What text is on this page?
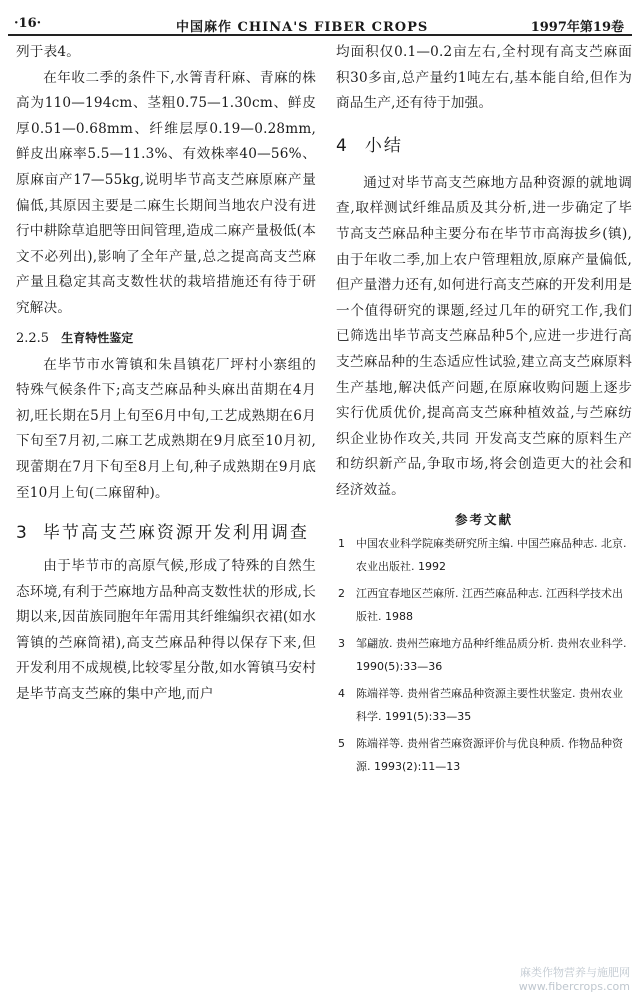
·16·	中国麻作 CHINA'S FIBER CROPS	1997年第19卷

列于表4。

在年收二季的条件下,水箐青秆麻、青麻的株高为110—194cm、茎粗0.75—1.30cm、鲜皮厚0.51—0.68mm、纤维层厚0.19—0.28mm,鲜皮出麻率5.5—11.3%、有效株率40—56%、原麻亩产17—55kg,说明毕节高支苎麻原麻产量偏低,其原因主要是二麻生长期间当地农户没有进行中耕除草追肥等田间管理,造成二麻产量极低(本文不必列出),影响了全年产量,总之提高高支苎麻产量且稳定其高支数性状的栽培措施还有待于研究解决。

2.2.5 生育特性鉴定

在毕节市水箐镇和朱昌镇花厂坪村小寨组的特殊气候条件下;高支苎麻品种头麻出苗期在4月初,旺长期在5月上旬至6月中旬,工艺成熟期在6月下旬至7月初,二麻工艺成熟期在9月底至10月初,现蕾期在7月下旬至8月上旬,种子成熟期在9月底至10月上旬(二麻留种)。

3 毕节高支苎麻资源开发利用调查

由于毕节市的高原气候,形成了特殊的自然生态环境,有利于苎麻地方品种高支数性状的形成,长期以来,因苗族同胞年年需用其纤维编织衣裙(如水箐镇的苎麻筒裙),高支苎麻品种得以保存下来,但开发利用不成规模,比较零星分散,如水箐镇马安村是毕节高支苎麻的集中产地,而户

均面积仅0.1—0.2亩左右,全村现有高支苎麻面积30多亩,总产量约1吨左右,基本能自给,但作为商品生产,还有待于加强。

4 小结

通过对毕节高支苎麻地方品种资源的就地调查,取样测试纤维品质及其分析,进一步确定了毕节高支苎麻品种主要分布在毕节市高海拔乡(镇),由于年收二季,加上农户管理粗放,原麻产量偏低,但产量潜力还有,如何进行高支苎麻的开发利用是一个值得研究的课题,经过几年的研究工作,我们已筛选出毕节高支苎麻品种5个,应进一步进行高支苎麻品种的生态适应性试验,建立高支苎麻原料生产基地,解决低产问题,在原麻收购问题上逐步实行优质优价,提高高支苎麻种植效益,与苎麻纺织企业协作攻关,共同 开发高支苎麻的原料生产和纺织新产品,争取市场,将会创造更大的社会和经济效益。

参考文献
1 中国农业科学院麻类研究所主编. 中国苎麻品种志. 北京. 农业出版社. 1992
2 江西宜春地区苎麻所. 江西苎麻品种志. 江西科学技术出版社. 1988
3 邹翩放. 贵州苎麻地方品种纤维品质分析. 贵州农业科学. 1990(5):33—36
4 陈端祥等. 贵州省苎麻品种资源主要性状鉴定. 贵州农业科学. 1991(5):33—35
5 陈端祥等. 贵州省苎麻资源评价与优良种质. 作物品种资源. 1993(2):11—13
麻类作物营养与施肥网
www.fibercrops.com
